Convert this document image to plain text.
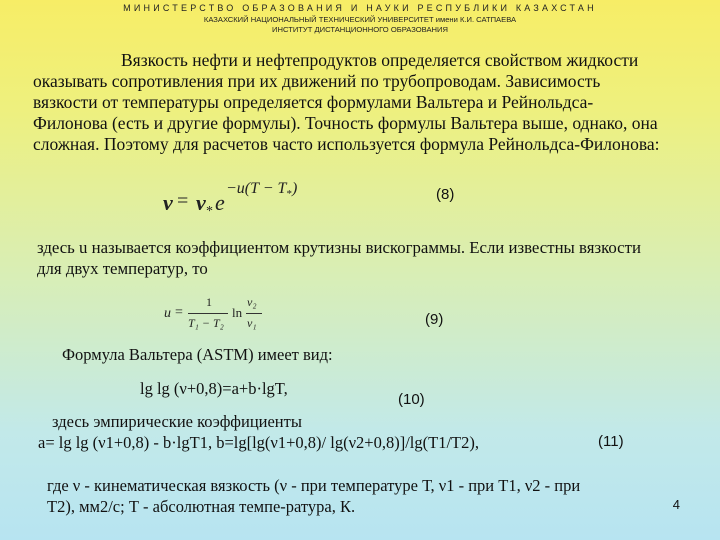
МИНИСТЕРСТВО ОБРАЗОВАНИЯ И НАУКИ РЕСПУБЛИКИ КАЗАХСТАН
КАЗАХСКИЙ НАЦИОНАЛЬНЫЙ ТЕХНИЧЕСКИЙ УНИВЕРСИТЕТ имени К.И. САТПАЕВА
ИНСТИТУТ ДИСТАНЦИОННОГО ОБРАЗОВАНИЯ
Вязкость нефти и нефтепродуктов определяется свойством жидкости
оказывать сопротивления при их движений по трубопроводам. Зависимость
вязкости от температуры определяется формулами Вальтера и Рейнольдса-
Филонова (есть и другие формулы). Точность формулы Вальтера выше, однако, она
сложная. Поэтому для расчетов часто используется формула Рейнольдса-Филонова:
ν = ν * e
$-u(T - T_*)$	(8)
здесь u называется коэффициентом крутизны вискограммы. Если известны вязкости
для двух температур, то
u =
1
T₁ − T₂
ln
ν₂
ν₁	(9)
Формула Вальтера (ASTM) имеет вид:
lg lg (ν+0,8)=a+b·lgT,
(10)
здесь эмпирические коэффициенты
a= lg lg (ν1+0,8) - b·lgT1, b=lg[lg(ν1+0,8)/ lg(ν2+0,8)]/lg(T1/T2),	(11)
где ν - кинематическая вязкость (ν - при температуре Т, ν1 - при Т1, ν2 - при
Т2), мм2/с; Т - абсолютная темпе-ратура, К.	4
